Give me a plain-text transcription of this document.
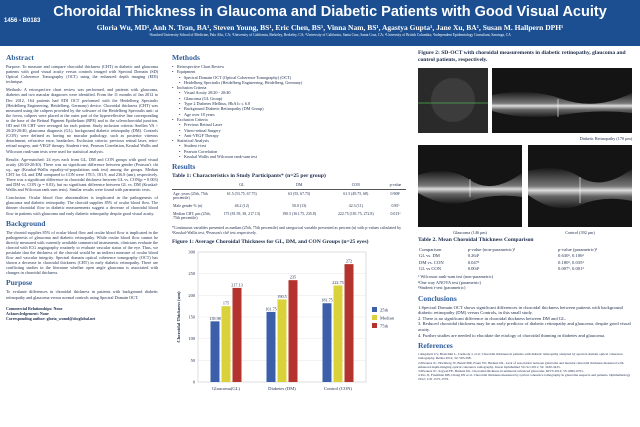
1456 - B0183
Choroidal Thickness in Glaucoma and Diabetic Patients with Good Visual Acuity
Gloria Wu, MD¹, Anh N. Tran, BA¹, Steven Young, BS¹, Eric Chen, BS¹, Vinna Nam, BS¹, Agastya Gupta¹, Jane Xu, BA¹, Susan M. Hallpern DPH¹
¹Stanford University School of Medicine, Palo Alto, CA; ²University of California, Berkeley, Berkeley, CA; ³University of California, Santa Cruz, Santa Cruz, CA; ⁴University of British Columbia; ⁵Independent Epidemiology Consultant, Saratoga, CA
Abstract
Purpose: To measure and compare choroidal thickness (CHT) in diabetic and glaucoma patients with good visual acuity versus controls imaged with Spectral Domain (SD) Optical Coherence Tomography (OCT) using the enhanced depth imaging (EDI) technique.
Methods: A retrospective chart review was performed, and patients with glaucoma, diabetes and two macular diagnoses were identified. From the 11 months of Jan 2012 to Dec 2012, 164 patients had EDI OCT performed with the Heidelberg Spectralis (Heidelberg Engineering, Heidelberg, Germany) device. Choroidal thickness (CHT) was measured using the calipers provided by the software of the Heidelberg Spectralis unit: at the fovea, calipers were placed at the outer part of the hyperreflective line corresponding to the base of the Retinal Pigment Epithelium (RPE) and to the sclerochoroidal junction. OD and OS CHT were averaged for each patient. Study inclusion criteria: Snellen VA > 20/20-20/40, glaucoma diagnosis (GL), background diabetic retinopathy (DM). Controls (CON) were defined as having no macular pathology, such as posterior vitreous detachment, refractive error, headaches. Exclusion criteria: previous retinal laser, retro-retinal surgery, anti-VEGF therapy. Student t-test, Pearson Correlation, Kruskal Wallis and Wilcoxon rank-sum tests were used for statistical analysis.
Results: Age-matched: 24 eyes each from GL, DM and CON groups with good visual acuity (20/20-20/40). There was no significant difference between gender (Pearson's chi sq., age (Kruskal-Wallis equality-of-populations rank test) among the groups. Median CHT for GL and DM compared to CON were 178.5, 181.9, and 236.8 (um), respectively. There was a significant difference in choroidal thickness between GL vs. CON(p = 0.003) and DM vs. CON (p = 0.03), but no significant difference between GL vs. DM (Kruskal-Wallis and Wilcoxon rank sum tests). Similar results were found with parametric tests.
Conclusion: Ocular blood flow abnormalities is implicated in the pathogenesis of glaucoma and diabetic retinopathy. The choroid supplies 85% of ocular blood flow. The thinner choroidal flow in diabetic measurements suggest a decrease of choroidal blood flow in patients with glaucoma and early diabetic retinopathy despite good visual acuity.
Background
The choroid supplies 85% of ocular blood flow and ocular blood flow is implicated in the pathogenesis of glaucoma and diabetic retinopathy. While ocular blood flow cannot be directly measured with currently available commercial instruments, clinicians evaluate the choroid with ICG angiography routinely to evaluate vascular status of the eye. Thus, we postulate that the thickness of the choroid would be an indirect measure of ocular blood flow and vascular integrity. Spectral domain optical coherence tomography (OCT) has shown a decrease in choroidal thickness (CHT) in early diabetic retinopathy. There are conflicting studies in the literature whether open angle glaucoma is associated with changes in choroidal thickness.
Purpose
To evaluate differences in choroidal thickness in patients with background diabetic retinopathy and glaucoma versus normal controls using Spectral Domain OCT.
Commercial Relationships: None
Acknowledgement: None
Corresponding author: gloria_wumd@sbcglobal.net
Methods
• Retrospective Chart Review
• Equipment
• Spectral Domain OCT (Optical Coherence Tomography) (OCT)
• Heidelberg Spectralis (Heidelberg Engineering, Heidelberg, Germany)
• Inclusion Criteria
• Visual Acuity 20/20 - 20/40
• Glaucoma (GL Group)
• Type 2 Diabetes Mellitus, HbA1c ≤ 6.0
• Background Diabetic Retinopathy (DM Group)
• Age over 18 years
• Exclusion Criteria
• Previous Retinal Laser
• Vitreo-retinal Surgery
• Anti-VEGF Therapy
• Statistical Analysis
• Student t-test
• Pearson Correlation
• Kruskal Wallis and Wilcoxon rank-sum test
Results
Table 1: Characteristics in Study Participants* (n=25 per group)
	GL	DM	CON	p-value
Age, years (25th, 75th percentile)	61.5 (53.75, 67.75)	63 (55, 67.75)	61.5 (49.75, 68)	0.908¹
Male gender % (n)	46.2 (12)	50.0 (13)	42.3 (11)	0.85²
Median CHT, μm (25th, 75th percentile)	175 (81.59, 38, 217.13)	190.5 (161.75, 235.8)	222.75 (181.75, 272.8)	0.013³
*Continuous variables presented as median (25th, 75th percentile) and categorical variable presented as percent (n) with p-values calculated by ¹Kruskal-Wallis test, ²Pearson's chi² test respectively.
Figure 1: Average Choroidal Thickness for GL, DM, and CON Groups (n=25 eyes)
0
50
100
150
200
250
300
Choroidal Thickness (um)	139.98
175
217.13
Glaucoma(GL)
161.75
190.5
235
Diabetes (DM)
181.75
222.75
272
Control (CON)
25th
Median
75th
Figure 2: SD-OCT with choroidal measurements in diabetic retinopathy, glaucoma and control patients, respectively.
Diabetic Retinopathy (170 μm)
Glaucoma (146 μm)	Control (392 μm)
Table 2. Mean Choroidal Thickness Comparison
Comparison	p-value (non-parametric)¹	p-value (parametric)²
GL vs. DM	0.264¹	0.630¹, 0.106³
DM vs. CON	0.047¹	0.180¹, 0.035³
GL vs CON	0.004¹	0.007¹, 0.001³
¹ Wilcoxon rank-sum test (non-parametric)
²One way ANOVA test (parametric)
³Student t-test (parametric)
Conclusions
1.Spectral Domain OCT shows significant differences in choroidal thickness between patients with background diabetic retinopathy (DM) versus Controls, in this small study.
2. There is no significant difference in choroidal thickness between DM and GL.
3. Reduced choroidal thickness may be an early predictor of diabetic retinopathy and glaucoma, despite good visual acuity.
4. Further studies are needed to elucidate the etiology of choroidal thinning in diabetes and glaucoma.
References
1.Regatieri CV, Branchini L, Carmody J, et al. Choroidal thickness in patients with diabetic retinopathy analyzed by spectral-domain optical coherence tomography. Retina 2012; 32: 563-568.
2.Mwanza JC, Hochberg JT, Banitt MR, Feuer WJ, Budenz DL. Lack of association between glaucoma and macular choroidal thickness measured with enhanced depth-imaging optical coherence tomography. Invest Ophthalmol Vis Sci 2011; 52: 3430-3435.
3.Mwanza JC, Sayyad FE, Budenz DL. Choroidal thickness in unilateral advanced glaucoma. IOVS 2012; 53: 6695-6701.
4.Yeo JJ, Friedman DB, Chang DS et al. Choroidal thickness measured by optical coherence tomography in glaucoma suspects and patients. Ophthalmology 2012; 119: 1575-1579.
